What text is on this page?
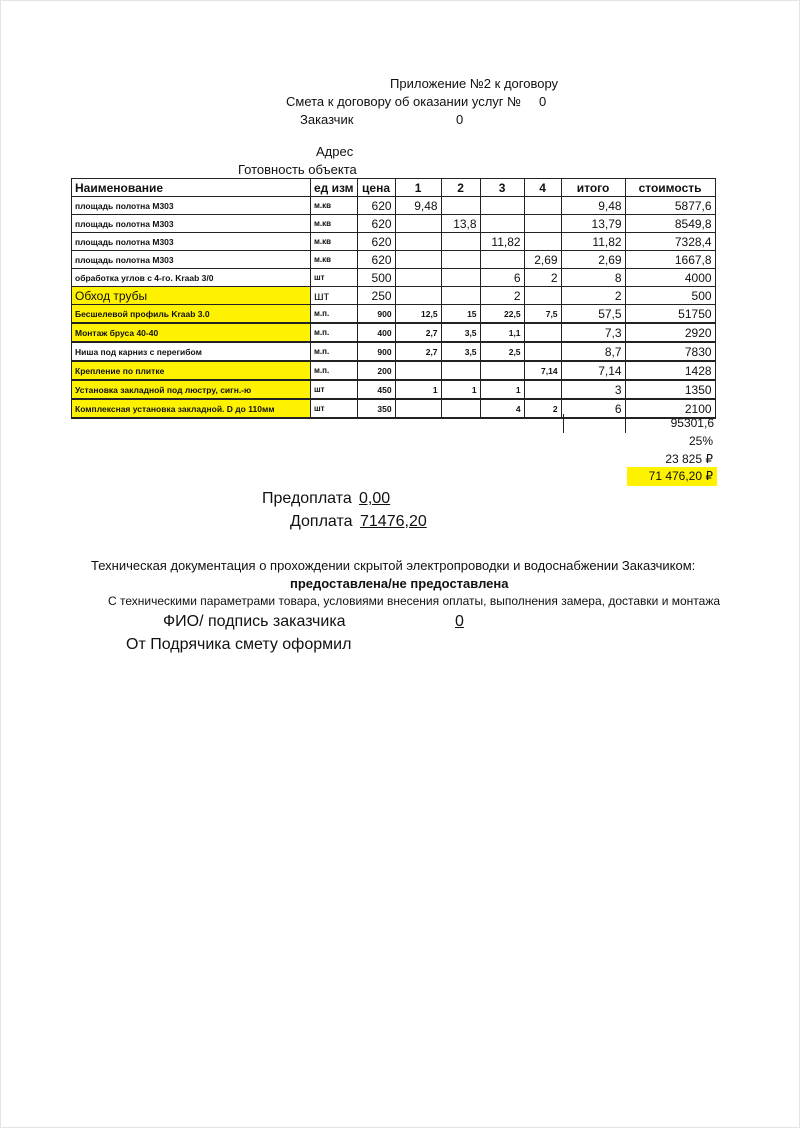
Приложение №2 к договору
Смета к договору об оказании услуг № 0
Заказчик	0
Адрес
Готовность объекта
Наименование	ед изм	цена	1	2	3	4	итого	стоимость
площадь полотна М303	м.кв	620	9,48				9,48	5877,6
площадь полотна М303	м.кв	620		13,8			13,79	8549,8
площадь полотна М303	м.кв	620			11,82		11,82	7328,4
площадь полотна М303	м.кв	620				2,69	2,69	1667,8
обработка углов с 4-го. Kraab 3/0	шт	500			6	2	8	4000
Обход трубы	шт	250			2		2	500
Бесшелевой профиль Kraab 3.0	м.п.	900	12,5	15	22,5	7,5	57,5	51750
Монтаж бруса 40-40	м.п.	400	2,7	3,5	1,1		7,3	2920
Ниша под карниз с перегибом	м.п.	900	2,7	3,5	2,5		8,7	7830
Крепление по плитке	м.п.	200				7,14	7,14	1428
Установка закладной под люстру, сигн.-ю	шт	450	1	1	1		3	1350
Комплексная установка закладной. D до 110мм	шт	350			4	2	6	2100
95301,6
25%
23 825 ₽
71 476,20 ₽
Предоплата 0,00
Доплата 71476,20
Техническая документация о прохождении скрытой электропроводки и водоснабжении Заказчиком:
предоставлена/не предоставлена
С техническими параметрами товара, условиями внесения оплаты, выполнения замера, доставки и монтажа
ФИО/ подпись заказчика	0
От Подрячика смету оформил
